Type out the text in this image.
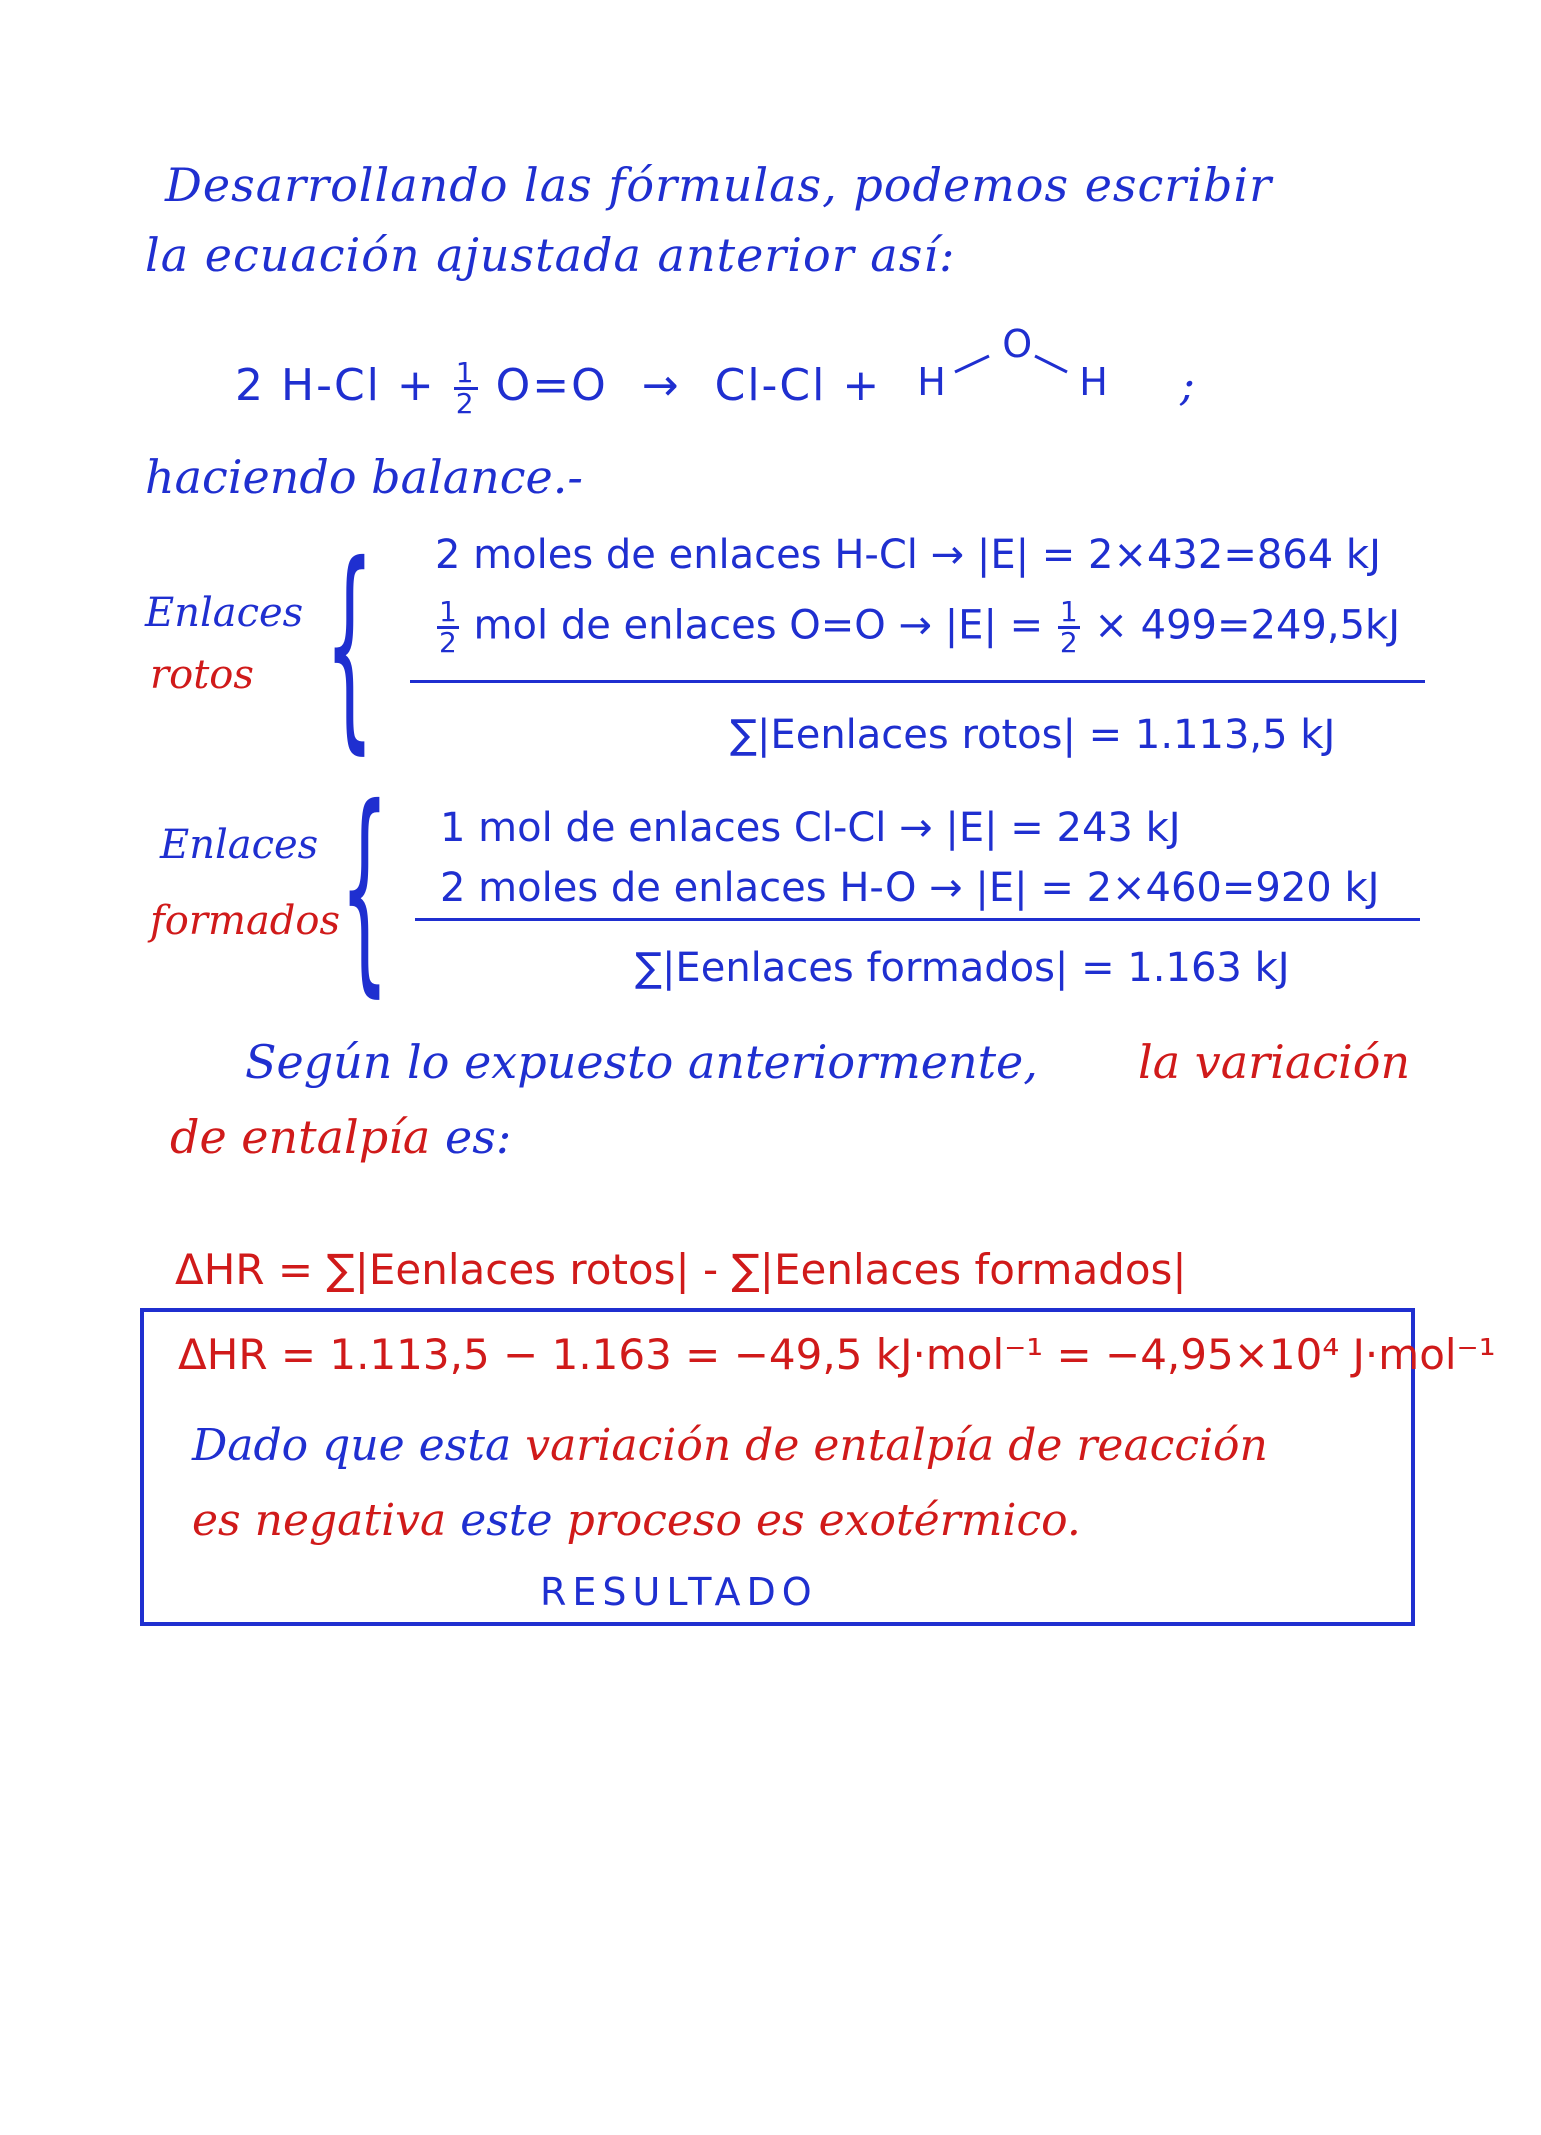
Desarrollando las fórmulas, podemos escribir
la ecuación ajustada anterior así:
2 $H-Cl + \frac{1}{2} O=O \to Cl-Cl + H$
O
H ;
haciendo balance.-
Enlaces
rotos { 2 moles de enlaces H-Cl → |E| = 2×432=864 kJ
$\frac{1}{2}$ mol de enlaces $O=O \to |E| = \frac{1}{2} \times 499=249,5kJ$
∑|Eenlaces rotos| = 1.113,5 kJ
Enlaces
formados { 1 mol de enlaces Cl-Cl → |E| = 243 kJ
2 moles de enlaces H-O → |E| = 2×460=920 kJ
∑|Eenlaces formados| = 1.163 kJ
Según lo expuesto anteriormente, la variación
de entalpía es:
ΔHR = ∑|Eenlaces rotos| - ∑|Eenlaces formados|
ΔHR = 1.113,5 − 1.163 = −49,5 kJ·mol⁻¹ = −4,95×10⁴ J·mol⁻¹
Dado que esta variación de entalpía de reacción
es negativa este proceso es exotérmico.
RESULTADO
